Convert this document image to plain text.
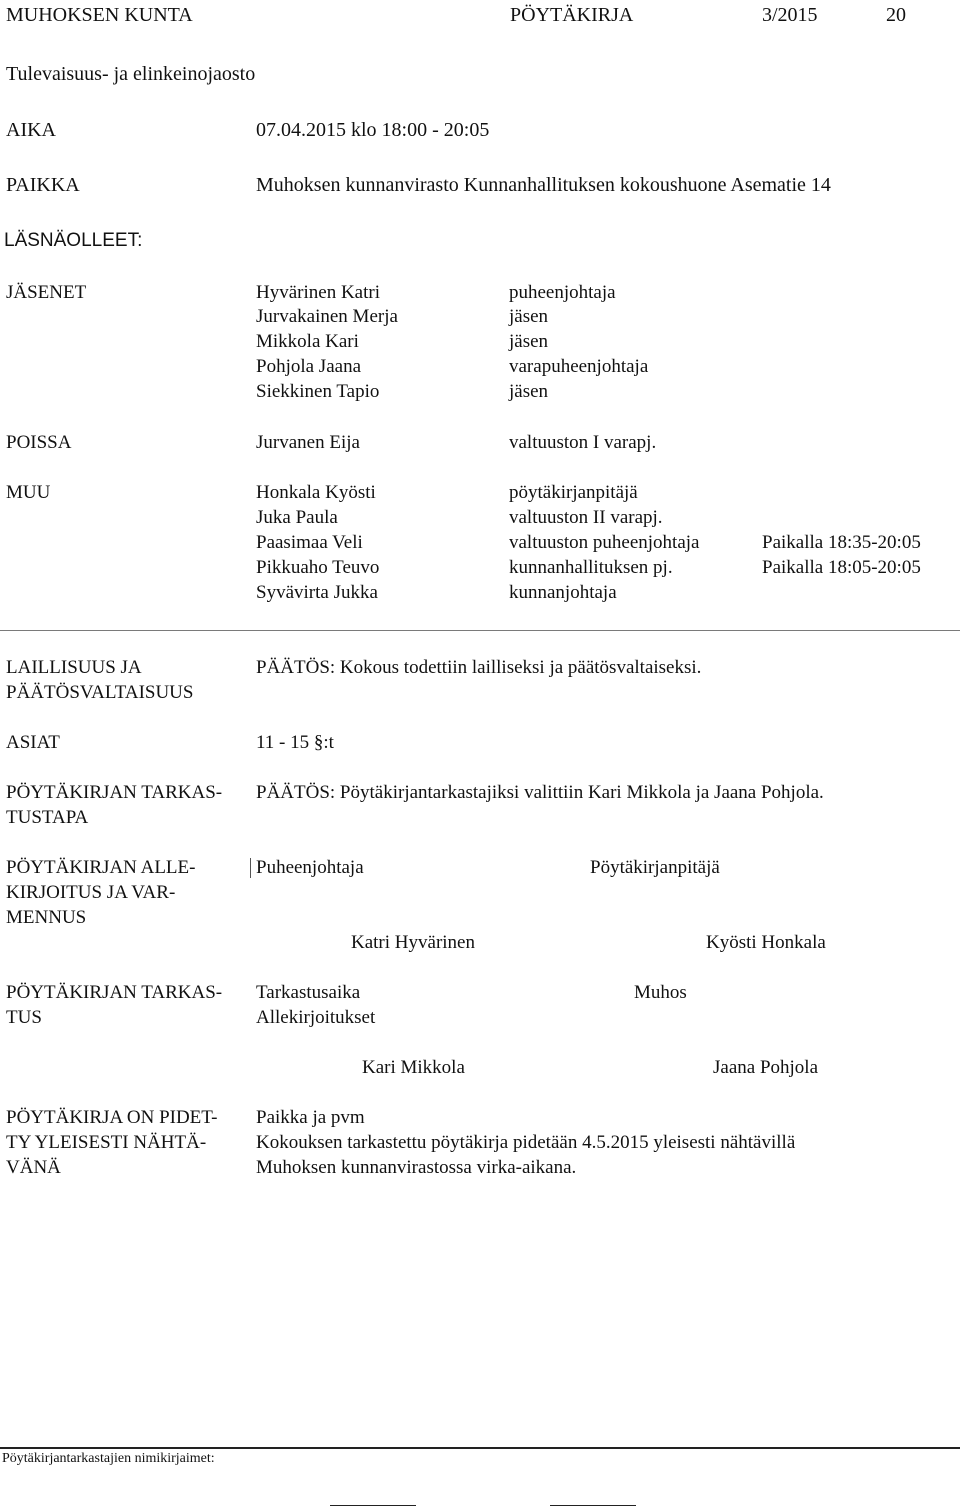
MUHOKSEN KUNTA	PÖYTÄKIRJA	3/2015	20
Tulevaisuus- ja elinkeinojaosto
AIKA	07.04.2015 klo 18:00 - 20:05
PAIKKA	Muhoksen kunnanvirasto Kunnanhallituksen kokoushuone Asematie 14
LÄSNÄOLLEET:
JÄSENET	Hyvärinen Katri	puheenjohtaja
Jurvakainen Merja	jäsen
Mikkola Kari	jäsen
Pohjola Jaana	varapuheenjohtaja
Siekkinen Tapio	jäsen
POISSA	Jurvanen Eija	valtuuston I varapj.
MUU	Honkala Kyösti	pöytäkirjanpitäjä
Juka Paula	valtuuston II varapj.
Paasimaa Veli	valtuuston puheenjohtaja	Paikalla 18:35-20:05
Pikkuaho Teuvo	kunnanhallituksen pj.	Paikalla 18:05-20:05
Syvävirta Jukka	kunnanjohtaja
LAILLISUUS JA
PÄÄTÖSVALTAISUUS
PÄÄTÖS: Kokous todettiin lailliseksi ja päätösvaltaiseksi.
ASIAT	11 - 15 §:t
PÖYTÄKIRJAN TARKAS-
TUSTAPA
PÄÄTÖS: Pöytäkirjantarkastajiksi valittiin Kari Mikkola ja Jaana Pohjola.
PÖYTÄKIRJAN ALLE-
KIRJOITUS JA VAR-
MENNUS
Puheenjohtaja	Pöytäkirjanpitäjä
Katri Hyvärinen	Kyösti Honkala
PÖYTÄKIRJAN TARKAS-
TUS
Tarkastusaika	Muhos
Allekirjoitukset
Kari Mikkola	Jaana Pohjola
PÖYTÄKIRJA ON PIDET-
TY YLEISESTI NÄHTÄ-
VÄNÄ
Paikka ja pvm
Kokouksen tarkastettu pöytäkirja pidetään 4.5.2015 yleisesti nähtävillä
Muhoksen kunnanvirastossa virka-aikana.
Pöytäkirjantarkastajien nimikirjaimet:
